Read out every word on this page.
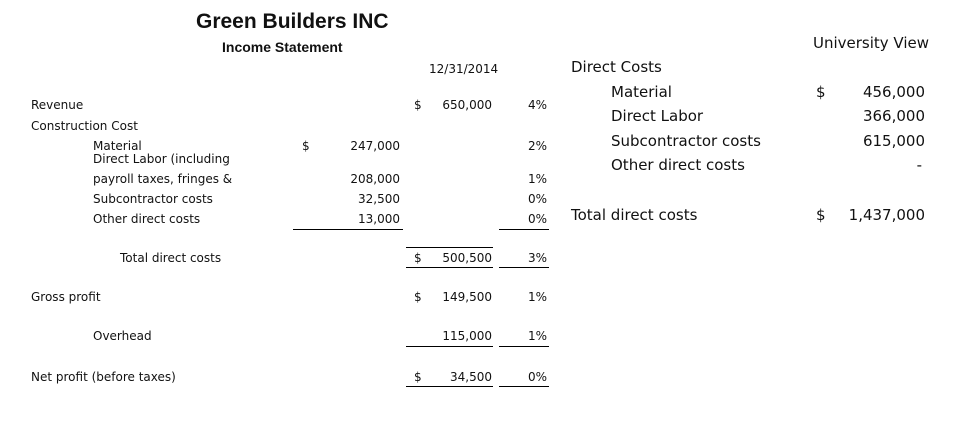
Green Builders INC
Income Statement
12/31/2014
Revenue	$	650,000	4%
Construction Cost
Material	$	247,000	2%
Direct Labor (including
payroll taxes, fringes &	208,000	1%
Subcontractor costs	32,500	0%
Other direct costs	13,000	0%
Total direct costs	$	500,500	3%
Gross profit	$	149,500	1%
Overhead	115,000	1%
Net profit (before taxes)	$	34,500	0%
University View
Direct Costs
Material	$	456,000
Direct Labor	366,000
Subcontractor costs	615,000
Other direct costs	-
Total direct costs	$	1,437,000
